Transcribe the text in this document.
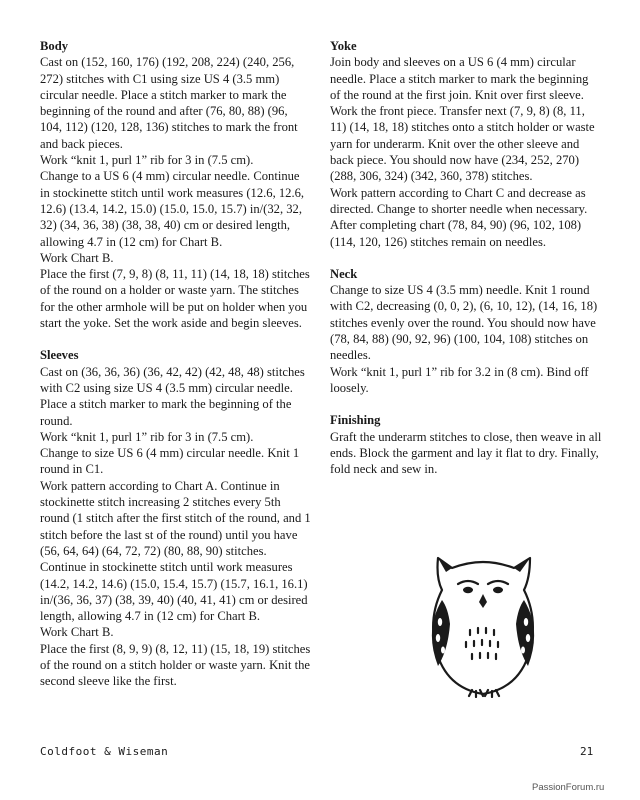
Body

Cast on (152, 160, 176) (192, 208, 224) (240, 256, 272) stitches with C1 using size US 4 (3.5 mm) circular needle. Place a stitch marker to mark the beginning of the round and after (76, 80, 88) (96, 104, 112) (120, 128, 136) stitches to mark the front and back pieces.

Work “knit 1, purl 1” rib for 3 in (7.5 cm).

Change to a US 6 (4 mm) circular needle. Continue in stockinette stitch until work measures (12.6, 12.6, 12.6) (13.4, 14.2, 15.0) (15.0, 15.0, 15.7) in/(32, 32, 32) (34, 36, 38) (38, 38, 40) cm or desired length, allowing 4.7 in (12 cm) for Chart B.

Work Chart B.

Place the first (7, 9, 8) (8, 11, 11) (14, 18, 18) stitches of the round on a holder or waste yarn. The stitches for the other armhole will be put on holder when you start the yoke. Set the work aside and begin sleeves.

Sleeves

Cast on (36, 36, 36) (36, 42, 42) (42, 48, 48) stitches with C2 using size US 4 (3.5 mm) circular needle. Place a stitch marker to mark the beginning of the round.

Work “knit 1, purl 1” rib for 3 in (7.5 cm).

Change to size US 6 (4 mm) circular needle. Knit 1 round in C1.

Work pattern according to Chart A. Continue in stockinette stitch increasing 2 stitches every 5th round (1 stitch after the first stitch of the round, and 1 stitch before the last st of the round) until you have (56, 64, 64) (64, 72, 72) (80, 88, 90) stitches.

Continue in stockinette stitch until work measures (14.2, 14.2, 14.6) (15.0, 15.4, 15.7) (15.7, 16.1, 16.1) in/(36, 36, 37) (38, 39, 40) (40, 41, 41) cm or desired length, allowing 4.7 in (12 cm) for Chart B.

Work Chart B.

Place the first (8, 9, 9) (8, 12, 11) (15, 18, 19) stitches of the round on a stitch holder or waste yarn. Knit the second sleeve like the first.

Yoke

Join body and sleeves on a US 6 (4 mm) circular needle. Place a stitch marker to mark the beginning of the round at the first join. Knit over first sleeve. Work the front piece. Transfer next (7, 9, 8) (8, 11, 11) (14, 18, 18) stitches onto a stitch holder or waste yarn for underarm. Knit over the other sleeve and back piece. You should now have (234, 252, 270) (288, 306, 324) (342, 360, 378) stitches.

Work pattern according to Chart C and decrease as directed. Change to shorter needle when necessary. After completing chart (78, 84, 90) (96, 102, 108) (114, 120, 126) stitches remain on needles.

Neck

Change to size US 4 (3.5 mm) needle. Knit 1 round with C2, decreasing (0, 0, 2), (6, 10, 12), (14, 16, 18) stitches evenly over the round. You should now have (78, 84, 88) (90, 92, 96) (100, 104, 108) stitches on needles.

Work “knit 1, purl 1” rib for 3.2 in (8 cm). Bind off loosely.

Finishing

Graft the underarm stitches to close, then weave in all ends. Block the garment and lay it flat to dry. Finally, fold neck and sew in.

Coldfoot & Wiseman	21
PassionForum.ru
